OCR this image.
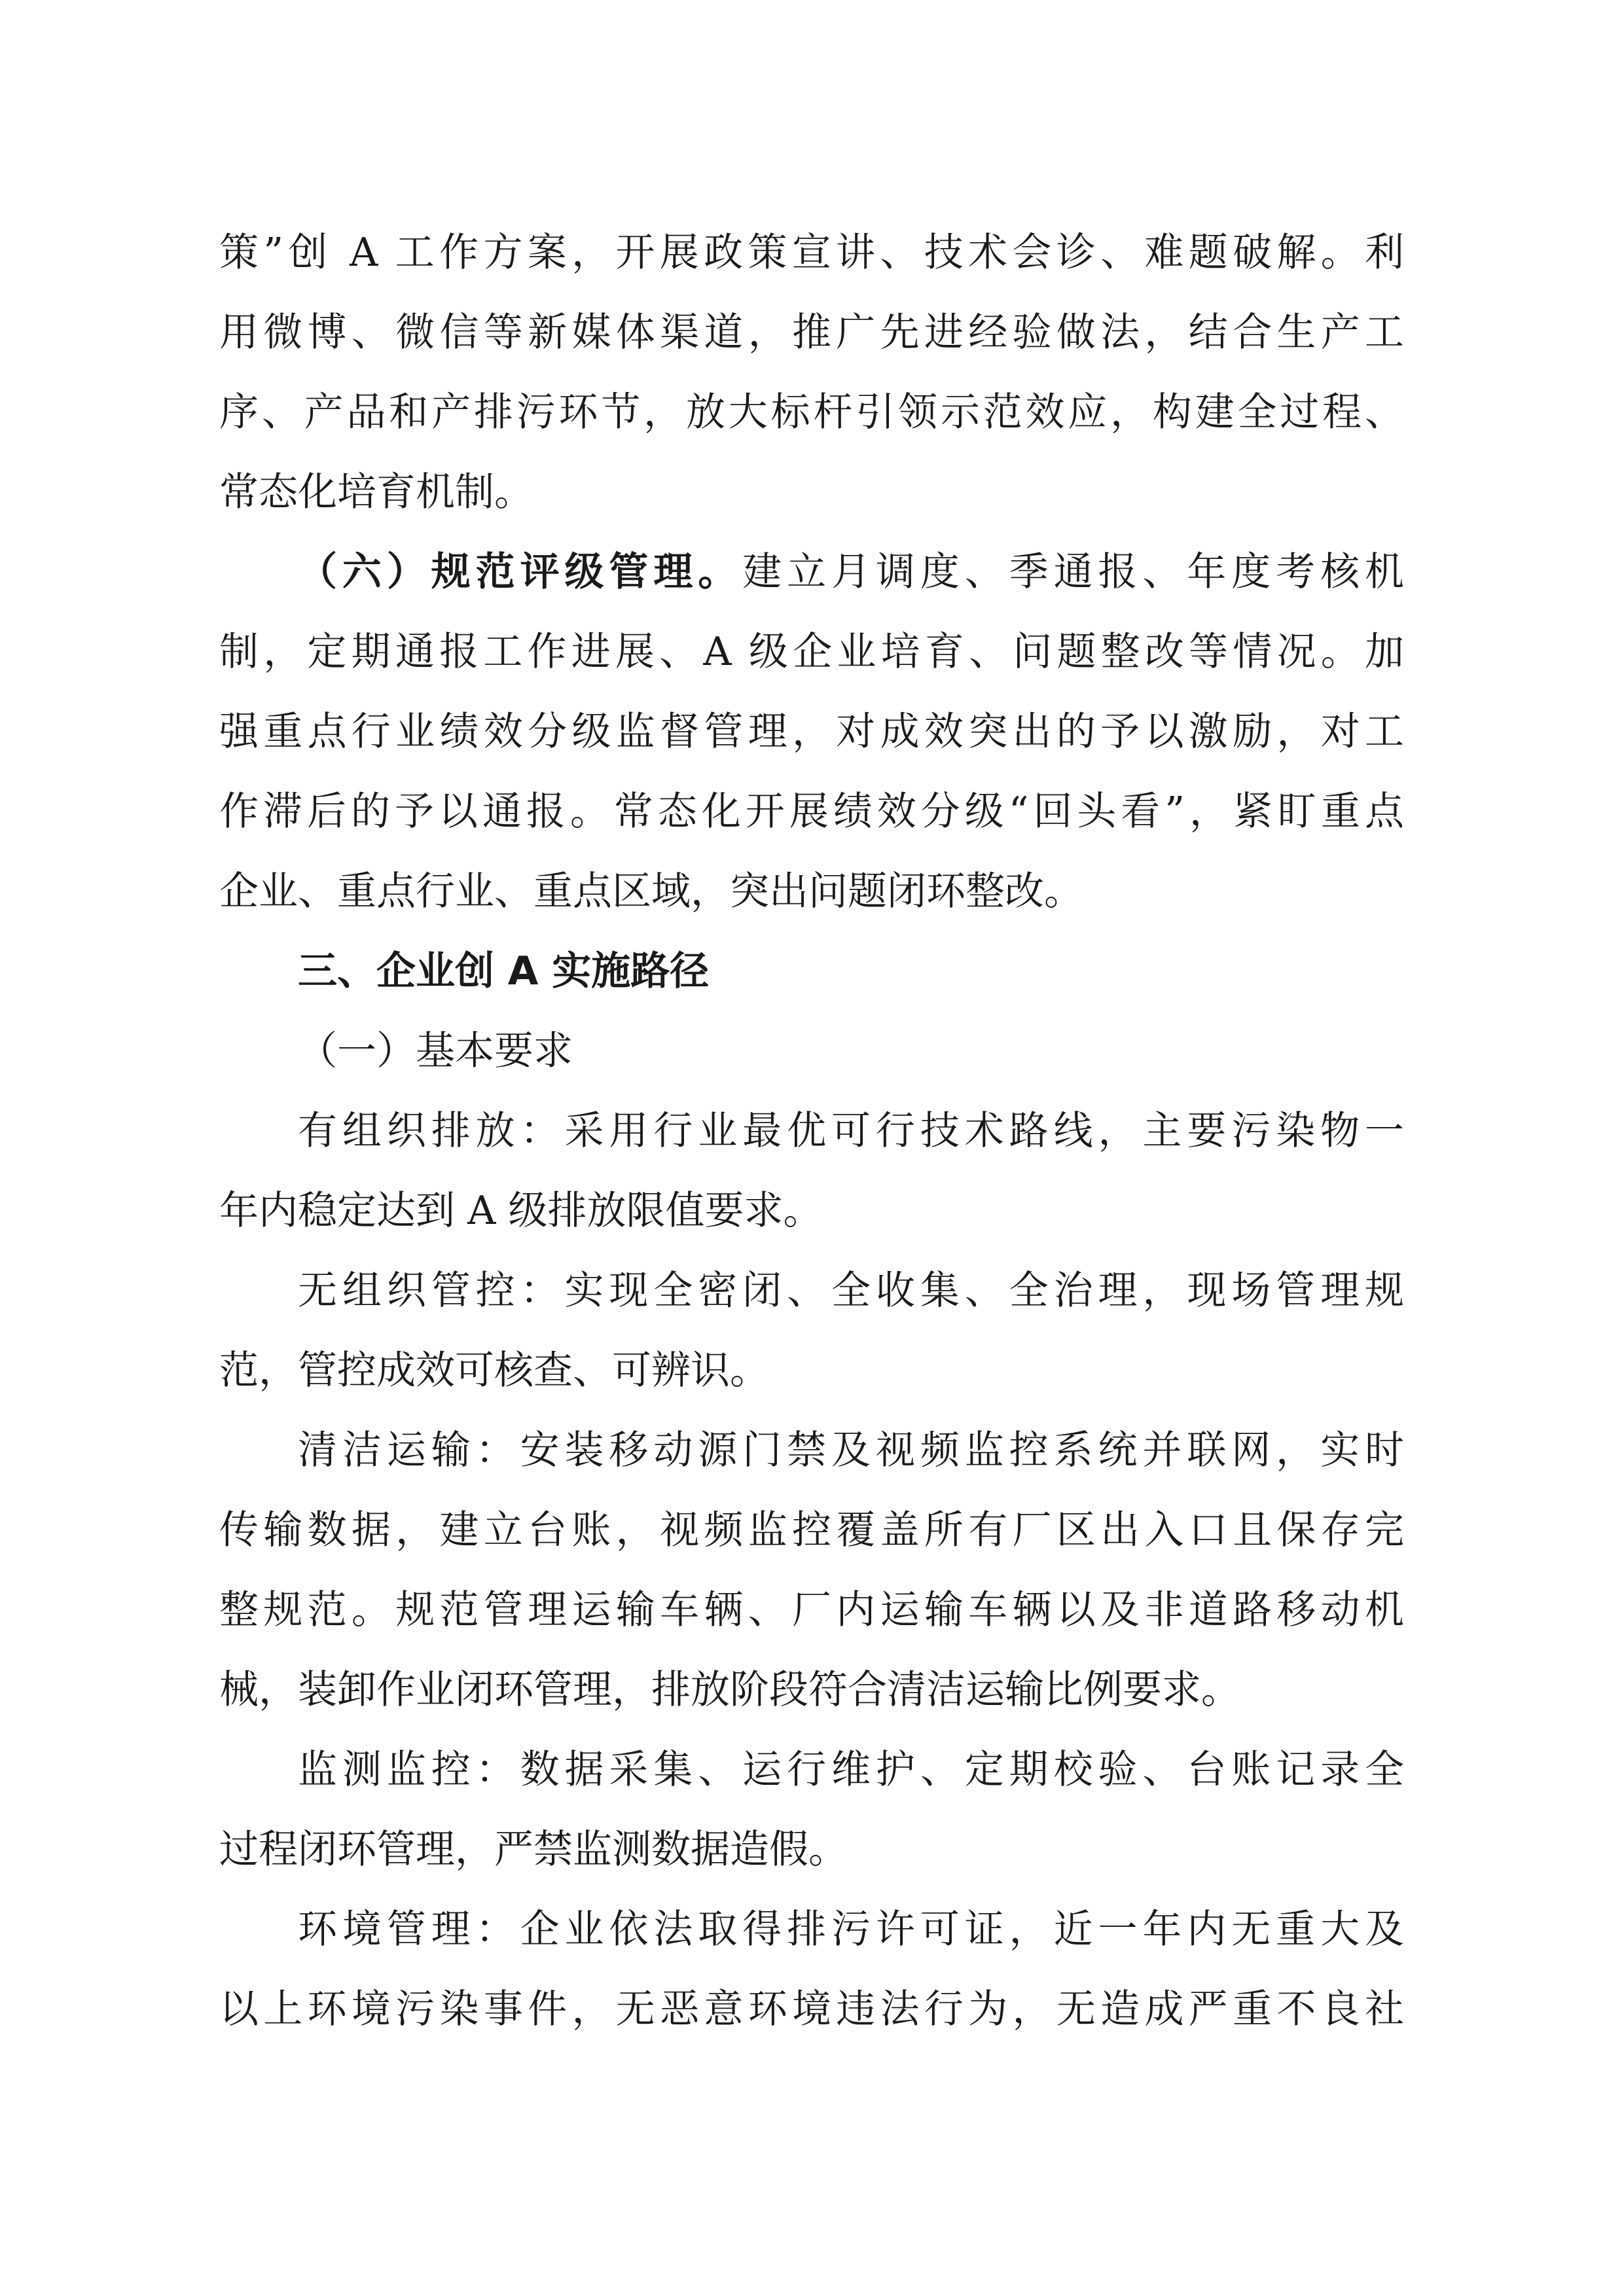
策”创 A 工作方案，开展政策宣讲、技术会诊、难题破解。利
用微博、微信等新媒体渠道，推广先进经验做法，结合生产工
序、产品和产排污环节，放大标杆引领示范效应，构建全过程、
常态化培育机制。
（六）规范评级管理。建立月调度、季通报、年度考核机
制，定期通报工作进展、A 级企业培育、问题整改等情况。加
强重点行业绩效分级监督管理，对成效突出的予以激励，对工
作滞后的予以通报。常态化开展绩效分级“回头看”，紧盯重点
企业、重点行业、重点区域，突出问题闭环整改。
三、企业创 A 实施路径
（一）基本要求
有组织排放：采用行业最优可行技术路线，主要污染物一
年内稳定达到 A 级排放限值要求。
无组织管控：实现全密闭、全收集、全治理，现场管理规
范，管控成效可核查、可辨识。
清洁运输：安装移动源门禁及视频监控系统并联网，实时
传输数据，建立台账，视频监控覆盖所有厂区出入口且保存完
整规范。规范管理运输车辆、厂内运输车辆以及非道路移动机
械，装卸作业闭环管理，排放阶段符合清洁运输比例要求。
监测监控：数据采集、运行维护、定期校验、台账记录全
过程闭环管理，严禁监测数据造假。
环境管理：企业依法取得排污许可证，近一年内无重大及
以上环境污染事件，无恶意环境违法行为，无造成严重不良社
